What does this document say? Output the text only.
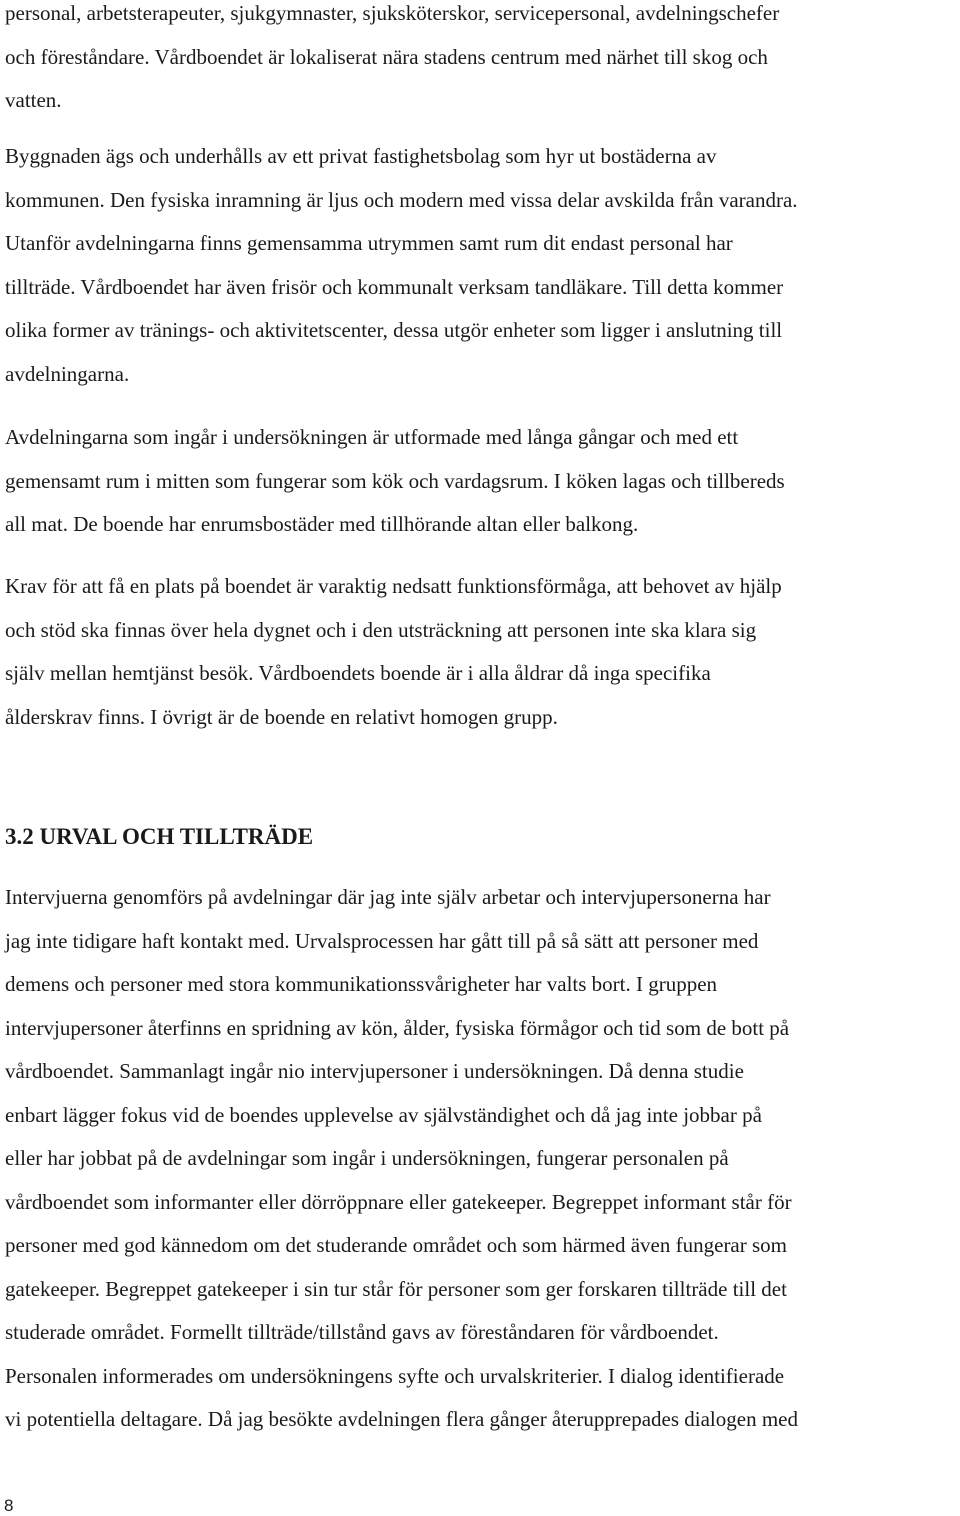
personal, arbetsterapeuter, sjukgymnaster, sjuksköterskor, servicepersonal, avdelningschefer
och föreståndare. Vårdboendet är lokaliserat nära stadens centrum med närhet till skog och
vatten.
Byggnaden ägs och underhålls av ett privat fastighetsbolag som hyr ut bostäderna av
kommunen. Den fysiska inramning är ljus och modern med vissa delar avskilda från varandra.
Utanför avdelningarna finns gemensamma utrymmen samt rum dit endast personal har
tillträde. Vårdboendet har även frisör och kommunalt verksam tandläkare. Till detta kommer
olika former av tränings- och aktivitetscenter, dessa utgör enheter som ligger i anslutning till
avdelningarna.
Avdelningarna som ingår i undersökningen är utformade med långa gångar och med ett
gemensamt rum i mitten som fungerar som kök och vardagsrum. I köken lagas och tillbereds
all mat. De boende har enrumsbostäder med tillhörande altan eller balkong.
Krav för att få en plats på boendet är varaktig nedsatt funktionsförmåga, att behovet av hjälp
och stöd ska finnas över hela dygnet och i den utsträckning att personen inte ska klara sig
själv mellan hemtjänst besök. Vårdboendets boende är i alla åldrar då inga specifika
ålderskrav finns. I övrigt är de boende en relativt homogen grupp.
3.2 URVAL OCH TILLTRÄDE
Intervjuerna genomförs på avdelningar där jag inte själv arbetar och intervjupersonerna har
jag inte tidigare haft kontakt med. Urvalsprocessen har gått till på så sätt att personer med
demens och personer med stora kommunikationssvårigheter har valts bort. I gruppen
intervjupersoner återfinns en spridning av kön, ålder, fysiska förmågor och tid som de bott på
vårdboendet. Sammanlagt ingår nio intervjupersoner i undersökningen. Då denna studie
enbart lägger fokus vid de boendes upplevelse av självständighet och då jag inte jobbar på
eller har jobbat på de avdelningar som ingår i undersökningen, fungerar personalen på
vårdboendet som informanter eller dörröppnare eller gatekeeper. Begreppet informant står för
personer med god kännedom om det studerande området och som härmed även fungerar som
gatekeeper. Begreppet gatekeeper i sin tur står för personer som ger forskaren tillträde till det
studerade området. Formellt tillträde/tillstånd gavs av föreståndaren för vårdboendet.
Personalen informerades om undersökningens syfte och urvalskriterier. I dialog identifierade
vi potentiella deltagare. Då jag besökte avdelningen flera gånger återupprepades dialogen med
8
